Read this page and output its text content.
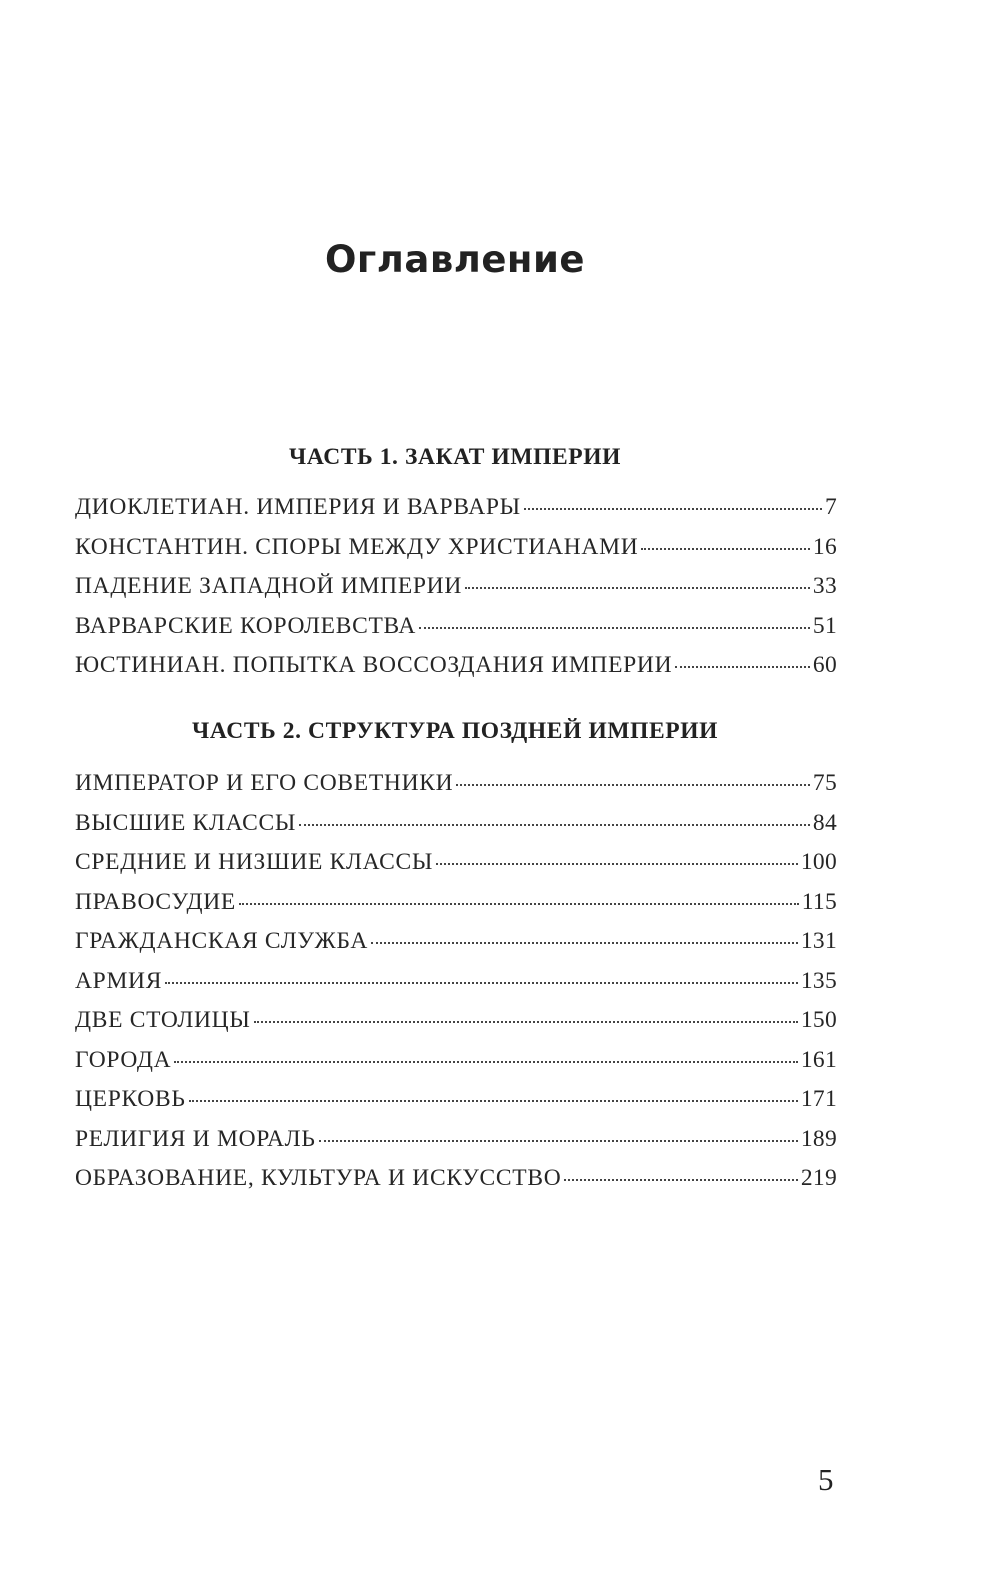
Оглавление
ЧАСТЬ 1. ЗАКАТ ИМПЕРИИ
ДИОКЛЕТИАН. ИМПЕРИЯ И ВАРВАРЫ	7
КОНСТАНТИН. СПОРЫ МЕЖДУ ХРИСТИАНАМИ	16
ПАДЕНИЕ ЗАПАДНОЙ ИМПЕРИИ	33
ВАРВАРСКИЕ КОРОЛЕВСТВА	51
ЮСТИНИАН. ПОПЫТКА ВОССОЗДАНИЯ ИМПЕРИИ	60
ЧАСТЬ 2. СТРУКТУРА ПОЗДНЕЙ ИМПЕРИИ
ИМПЕРАТОР И ЕГО СОВЕТНИКИ	75
ВЫСШИЕ КЛАССЫ	84
СРЕДНИЕ И НИЗШИЕ КЛАССЫ	100
ПРАВОСУДИЕ	115
ГРАЖДАНСКАЯ СЛУЖБА	131
АРМИЯ	135
ДВЕ СТОЛИЦЫ	150
ГОРОДА	161
ЦЕРКОВЬ	171
РЕЛИГИЯ И МОРАЛЬ	189
ОБРАЗОВАНИЕ, КУЛЬТУРА И ИСКУССТВО	219
5
